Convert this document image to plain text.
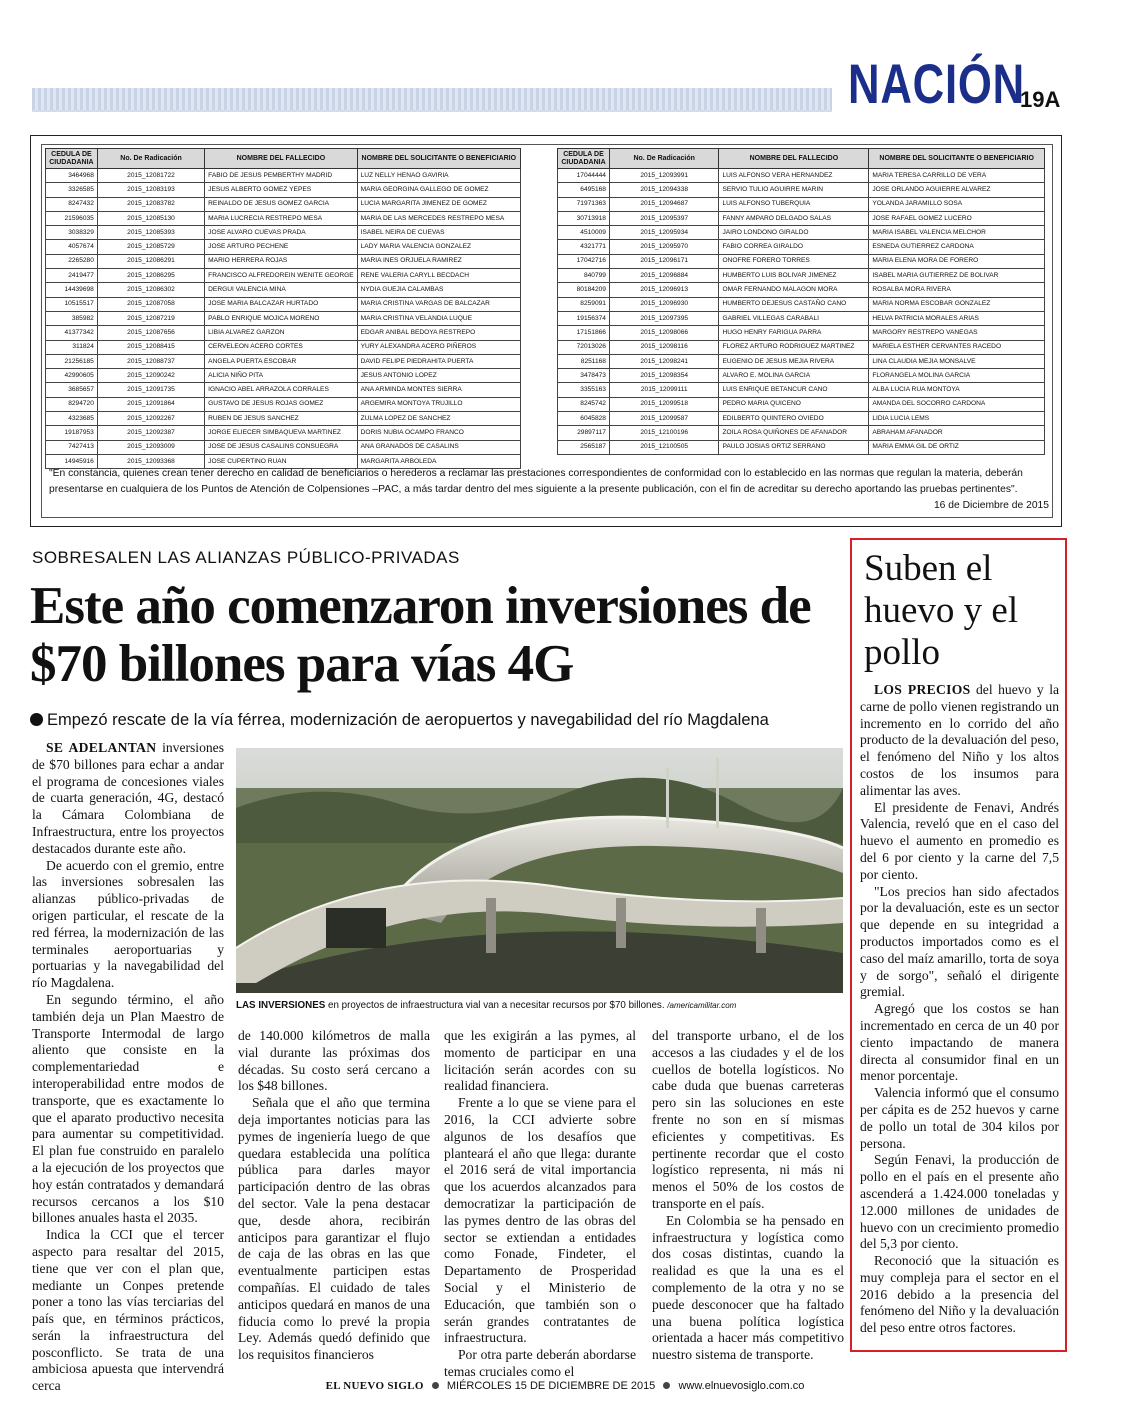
NACIÓN
19A
CEDULA DE CIUDADANIA	No. De Radicación	NOMBRE DEL FALLECIDO	NOMBRE DEL SOLICITANTE O BENEFICIARIO
3464968	2015_12081722	FABIO DE JESUS PEMBERTHY MADRID	LUZ NELLY HENAO GAVIRIA
3326585	2015_12083193	JESUS ALBERTO GOMEZ YEPES	MARIA GEORGINA GALLEGO DE GOMEZ
8247432	2015_12083782	REINALDO DE JESUS GOMEZ GARCIA	LUCIA MARGARITA JIMENEZ DE GOMEZ
21596035	2015_12085130	MARIA LUCRECIA RESTREPO MESA	MARIA DE LAS MERCEDES RESTREPO MESA
3038329	2015_12085393	JOSE ALVARO CUEVAS PRADA	ISABEL NEIRA DE CUEVAS
4057674	2015_12085729	JOSE ARTURO PECHENE	LADY MARIA VALENCIA GONZALEZ
2265280	2015_12086291	MARIO HERRERA ROJAS	MARIA INES ORJUELA RAMIREZ
2419477	2015_12086295	FRANCISCO ALFREDOREIN WENITE GEORGE	RENE VALERIA CARYLL BECDACH
14439698	2015_12086302	DERGUI VALENCIA MINA	NYDIA GUEJIA CALAMBAS
10515517	2015_12087058	JOSE MARIA BALCAZAR HURTADO	MARIA CRISTINA VARGAS DE BALCAZAR
385982	2015_12087219	PABLO ENRIQUE MOJICA MORENO	MARIA CRISTINA VELANDIA LUQUE
41377342	2015_12087656	LIBIA ALVAREZ GARZON	EDGAR ANIBAL BEDOYA RESTREPO
311824	2015_12088415	CERVELEON ACERO CORTES	YURY ALEXANDRA ACERO PIÑEROS
21256185	2015_12088737	ANGELA PUERTA ESCOBAR	DAVID FELIPE PIEDRAHITA PUERTA
42990605	2015_12090242	ALICIA NIÑO PITA	JESUS ANTONIO LOPEZ
3685657	2015_12091735	IGNACIO ABEL ARRAZOLA CORRALES	ANA ARMINDA MONTES SIERRA
8294720	2015_12091864	GUSTAVO DE JESUS ROJAS GOMEZ	ARGEMIRA MONTOYA TRUJILLO
4323685	2015_12092267	RUBEN DE JESUS SANCHEZ	ZULMA LOPEZ DE SANCHEZ
19187953	2015_12092387	JORGE ELIECER SIMBAQUEVA MARTINEZ	DORIS NUBIA OCAMPO FRANCO
7427413	2015_12093009	JOSE DE JESUS CASALINS CONSUEGRA	ANA GRANADOS DE CASALINS
14945916	2015_12093368	JOSE CUPERTINO RUAN	MARGARITA ARBOLEDA
CEDULA DE CIUDADANIA	No. De Radicación	NOMBRE DEL FALLECIDO	NOMBRE DEL SOLICITANTE O BENEFICIARIO
17044444	2015_12093991	LUIS ALFONSO VERA HERNANDEZ	MARIA TERESA CARRILLO DE VERA
6495168	2015_12094338	SERVIO TULIO AGUIRRE MARIN	JOSE ORLANDO AGUIERRE ALVAREZ
71971363	2015_12094687	LUIS ALFONSO TUBERQUIA	YOLANDA JARAMILLO SOSA
30713918	2015_12095397	FANNY AMPARO DELGADO SALAS	JOSE RAFAEL GOMEZ LUCERO
4510009	2015_12095934	JAIRO LONDONO GIRALDO	MARIA ISABEL VALENCIA MELCHOR
4321771	2015_12095970	FABIO CORREA GIRALDO	ESNEDA GUTIERREZ CARDONA
17042716	2015_12096171	ONOFRE FORERO TORRES	MARIA ELENA MORA DE FORERO
840799	2015_12096884	HUMBERTO LUIS BOLIVAR JIMENEZ	ISABEL MARIA GUTIERREZ DE BOLIVAR
80184209	2015_12096913	OMAR FERNANDO MALAGON MORA	ROSALBA MORA RIVERA
8259091	2015_12096930	HUMBERTO DEJESUS CASTAÑO CANO	MARIA NORMA ESCOBAR GONZALEZ
19156374	2015_12097395	GABRIEL VILLEGAS CARABALI	HELVA PATRICIA MORALES ARIAS
17151866	2015_12098066	HUGO HENRY FARIGUA PARRA	MARGORY RESTREPO VANEGAS
72013026	2015_12098116	FLOREZ ARTURO RODRIGUEZ MARTINEZ	MARIELA ESTHER CERVANTES RACEDO
8251168	2015_12098241	EUGENIO DE JESUS MEJIA RIVERA	LINA CLAUDIA MEJIA MONSALVE
3478473	2015_12098354	ALVARO E. MOLINA GARCIA	FLORANGELA MOLINA GARCIA
3355163	2015_12099111	LUIS ENRIQUE BETANCUR CANO	ALBA LUCIA RUA MONTOYA
8245742	2015_12099518	PEDRO MARIA QUICENO	AMANDA DEL SOCORRO CARDONA
6045828	2015_12099587	EDILBERTO QUINTERO OVIEDO	LIDIA LUCIA LEMS
29897117	2015_12100196	ZOILA ROSA QUIÑONES DE AFANADOR	ABRAHAM AFANADOR
2565187	2015_12100505	PAULO JOSIAS ORTIZ SERRANO	MARIA EMMA GIL DE ORTIZ
"En constancia, quienes crean tener derecho en calidad de beneficiarios o herederos a reclamar las prestaciones correspondientes de conformidad con lo establecido en las normas que regulan la materia, deberán presentarse en cualquiera de los Puntos de Atención de Colpensiones –PAC, a más tardar dentro del mes siguiente a la presente publicación, con el fin de acreditar su derecho aportando las pruebas pertinentes".
16 de Diciembre de 2015
SOBRESALEN LAS ALIANZAS PÚBLICO-PRIVADAS
Este año comenzaron inversiones de $70 billones para vías 4G
Empezó rescate de la vía férrea, modernización de aeropuertos y navegabilidad del río Magdalena
LAS INVERSIONES en proyectos de infraestructura vial van a necesitar recursos por $70 billones. /americamilitar.com

SE ADELANTAN inversiones de $70 billones para echar a andar el programa de concesiones viales de cuarta generación, 4G, destacó la Cámara Colombiana de Infraestructura, entre los proyectos destacados durante este año.

De acuerdo con el gremio, entre las inversiones sobresalen las alianzas público-privadas de origen particular, el rescate de la red férrea, la modernización de las terminales aeroportuarias y portuarias y la navegabilidad del río Magdalena.

En segundo término, el año también deja un Plan Maestro de Transporte Intermodal de largo aliento que consiste en la complementariedad e interoperabilidad entre modos de transporte, que es exactamente lo que el aparato productivo necesita para aumentar su competitividad. El plan fue construido en paralelo a la ejecución de los proyectos que hoy están contratados y demandará recursos cercanos a los $10 billones anuales hasta el 2035.

Indica la CCI que el tercer aspecto para resaltar del 2015, tiene que ver con el plan que, mediante un Conpes pretende poner a tono las vías terciarias del país que, en términos prácticos, serán la infraestructura del posconflicto. Se trata de una ambiciosa apuesta que intervendrá cerca

de 140.000 kilómetros de malla vial durante las próximas dos décadas. Su costo será cercano a los $48 billones.

Señala que el año que termina deja importantes noticias para las pymes de ingeniería luego de que quedara establecida una política pública para darles mayor participación dentro de las obras del sector. Vale la pena destacar que, desde ahora, recibirán anticipos para garantizar el flujo de caja de las obras en las que eventualmente participen estas compañías. El cuidado de tales anticipos quedará en manos de una fiducia como lo prevé la propia Ley. Además quedó definido que los requisitos financieros

que les exigirán a las pymes, al momento de participar en una licitación serán acordes con su realidad financiera.

Frente a lo que se viene para el 2016, la CCI advierte sobre algunos de los desafíos que planteará el año que llega: durante el 2016 será de vital importancia que los acuerdos alcanzados para democratizar la participación de las pymes dentro de las obras del sector se extiendan a entidades como Fonade, Findeter, el Departamento de Prosperidad Social y el Ministerio de Educación, que también son o serán grandes contratantes de infraestructura.

Por otra parte deberán abordarse temas cruciales como el

del transporte urbano, el de los accesos a las ciudades y el de los cuellos de botella logísticos. No cabe duda que buenas carreteras pero sin las soluciones en este frente no son en sí mismas eficientes y competitivas. Es pertinente recordar que el costo logístico representa, ni más ni menos el 50% de los costos de transporte en el país.

En Colombia se ha pensado en infraestructura y logística como dos cosas distintas, cuando la realidad es que la una es el complemento de la otra y no se puede desconocer que ha faltado una buena política logística orientada a hacer más competitivo nuestro sistema de transporte.

Suben el huevo y el pollo

LOS PRECIOS del huevo y la carne de pollo vienen registrando un incremento en lo corrido del año producto de la devaluación del peso, el fenómeno del Niño y los altos costos de los insumos para alimentar las aves.

El presidente de Fenavi, Andrés Valencia, reveló que en el caso del huevo el aumento en promedio es del 6 por ciento y la carne del 7,5 por ciento.

"Los precios han sido afectados por la devaluación, este es un sector que depende en su integridad a productos importados como es el caso del maíz amarillo, torta de soya y de sorgo", señaló el dirigente gremial.

Agregó que los costos se han incrementado en cerca de un 40 por ciento impactando de manera directa al consumidor final en un menor porcentaje.

Valencia informó que el consumo per cápita es de 252 huevos y carne de pollo un total de 304 kilos por persona.

Según Fenavi, la producción de pollo en el país en el presente año ascenderá a 1.424.000 toneladas y 12.000 millones de unidades de huevo con un crecimiento promedio del 5,3 por ciento.

Reconoció que la situación es muy compleja para el sector en el 2016 debido a la presencia del fenómeno del Niño y la devaluación del peso entre otros factores.

EL NUEVO SIGLO MIÉRCOLES 15 DE DICIEMBRE DE 2015 www.elnuevosiglo.com.co
